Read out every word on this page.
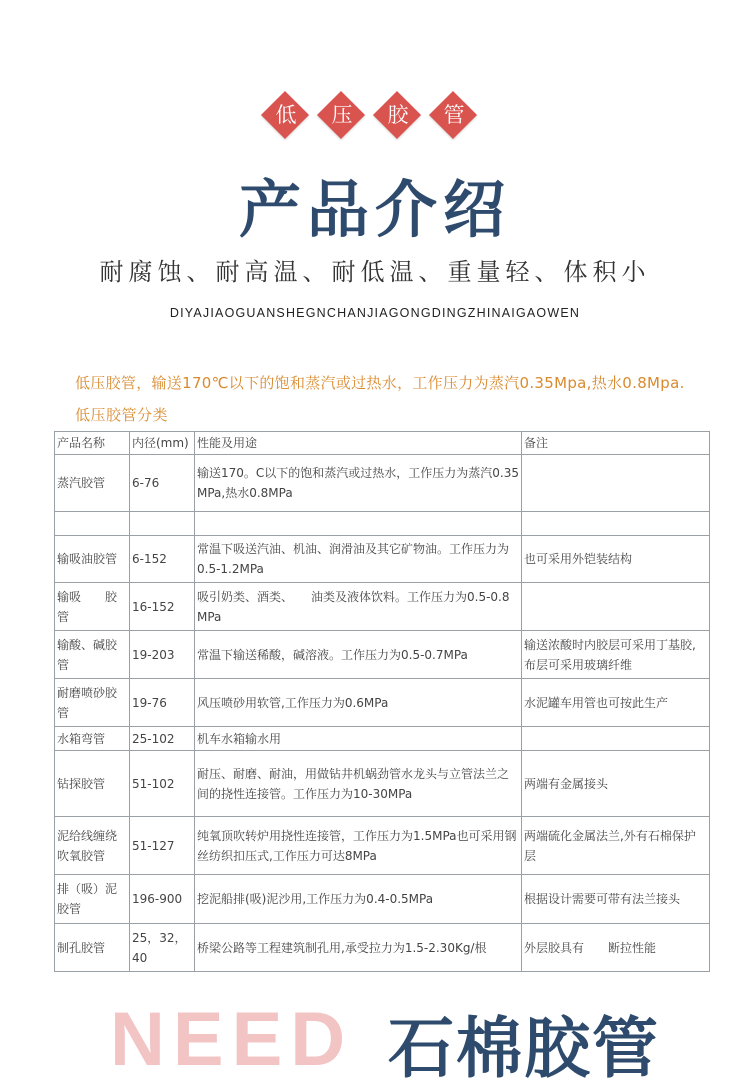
低	压	胶	管
产品介绍
耐腐蚀、耐高温、耐低温、重量轻、体积小
DIYAJIAOGUANSHEGNCHANJIAGONGDINGZHINAIGAOWEN
低压胶管，输送170℃以下的饱和蒸汽或过热水，工作压力为蒸汽0.35Mpa,热水0.8Mpa.
低压胶管分类
产品名称	内径(mm)	性能及用途	备注
蒸汽胶管	6-76	输送170。C以下的饱和蒸汽或过热水，工作压力为蒸汽0.35MPa,热水0.8MPa	

输吸油胶管	6-152	常温下吸送汽油、机油、润滑油及其它矿物油。工作压力为0.5-1.2MPa	也可采用外铠装结构
输吸　　胶管	16-152	吸引奶类、酒类、　　油类及液体饮料。工作压力为0.5-0.8MPa	
输酸、碱胶管	19-203	常温下输送稀酸，碱溶液。工作压力为0.5-0.7MPa	输送浓酸时内胶层可采用丁基胶,布层可采用玻璃纤维
耐磨喷砂胶管	19-76	风压喷砂用软管,工作压力为0.6MPa	水泥罐车用管也可按此生产
水箱弯管	25-102	机车水箱输水用	
钻探胶管	51-102	耐压、耐磨、耐油，用做钻井机蜗劲管水龙头与立管法兰之间的挠性连接管。工作压力为10-30MPa	两端有金属接头
泥给线缠绕吹氧胶管	51-127	纯氧顶吹转炉用挠性连接管，工作压力为1.5MPa也可采用钢丝纺织扣压式,工作压力可达8MPa	两端硫化金属法兰,外有石棉保护层
排（吸）泥胶管	196-900	挖泥船排(吸)泥沙用,工作压力为0.4-0.5MPa	根据设计需要可带有法兰接头
制孔胶管	25，32，40	桥梁公路等工程建筑制孔用,承受拉力为1.5-2.30Kg/根	外层胶具有　　断拉性能
NEED 石棉胶管
